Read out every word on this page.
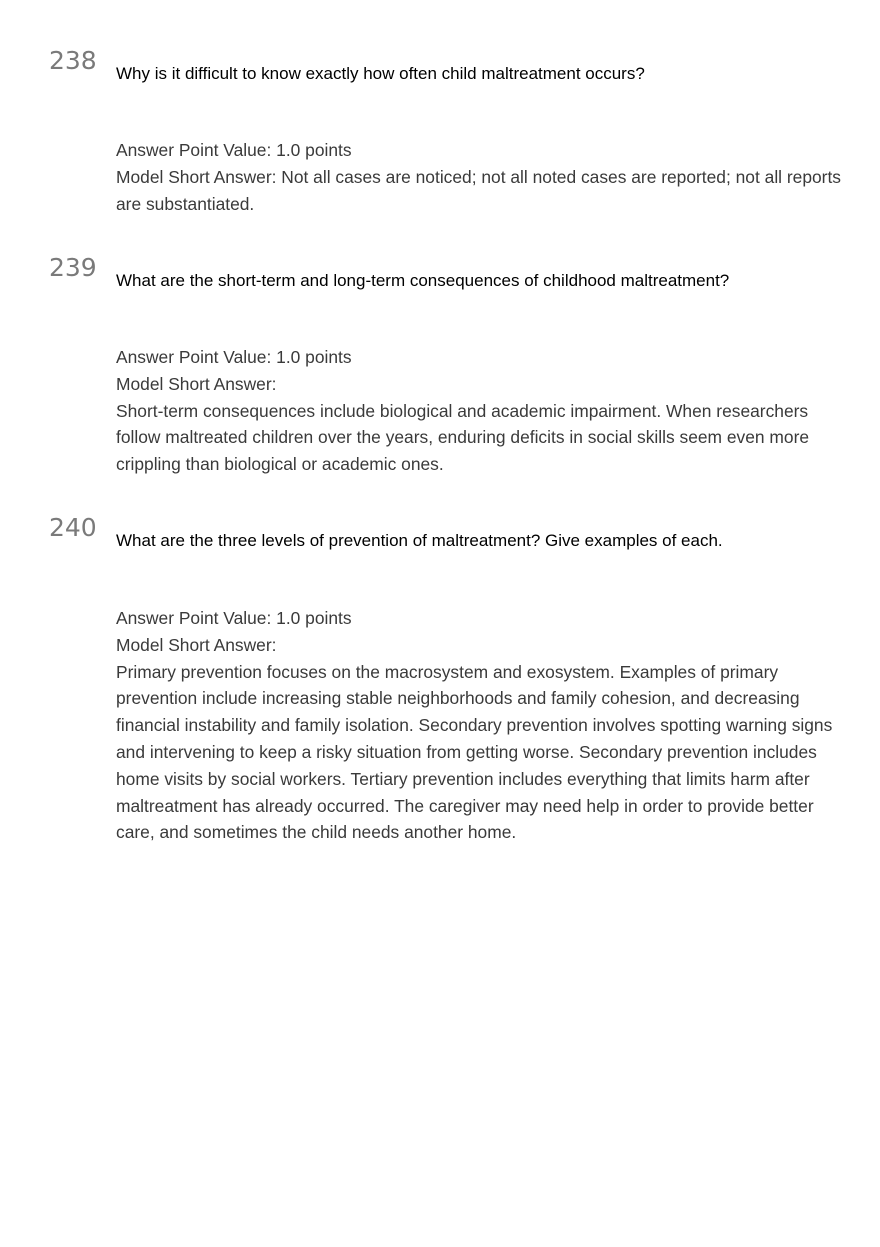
238 Why is it difficult to know exactly how often child maltreatment occurs?
Answer Point Value: 1.0 points
Model Short Answer: Not all cases are noticed; not all noted cases are reported; not all reports are substantiated.
239 What are the short-term and long-term consequences of childhood maltreatment?
Answer Point Value: 1.0 points
Model Short Answer:
Short-term consequences include biological and academic impairment. When researchers follow maltreated children over the years, enduring deficits in social skills seem even more crippling than biological or academic ones.
240 What are the three levels of prevention of maltreatment? Give examples of each.
Answer Point Value: 1.0 points
Model Short Answer:
Primary prevention focuses on the macrosystem and exosystem. Examples of primary prevention include increasing stable neighborhoods and family cohesion, and decreasing financial instability and family isolation. Secondary prevention involves spotting warning signs and intervening to keep a risky situation from getting worse. Secondary prevention includes home visits by social workers. Tertiary prevention includes everything that limits harm after maltreatment has already occurred. The caregiver may need help in order to provide better care, and sometimes the child needs another home.
